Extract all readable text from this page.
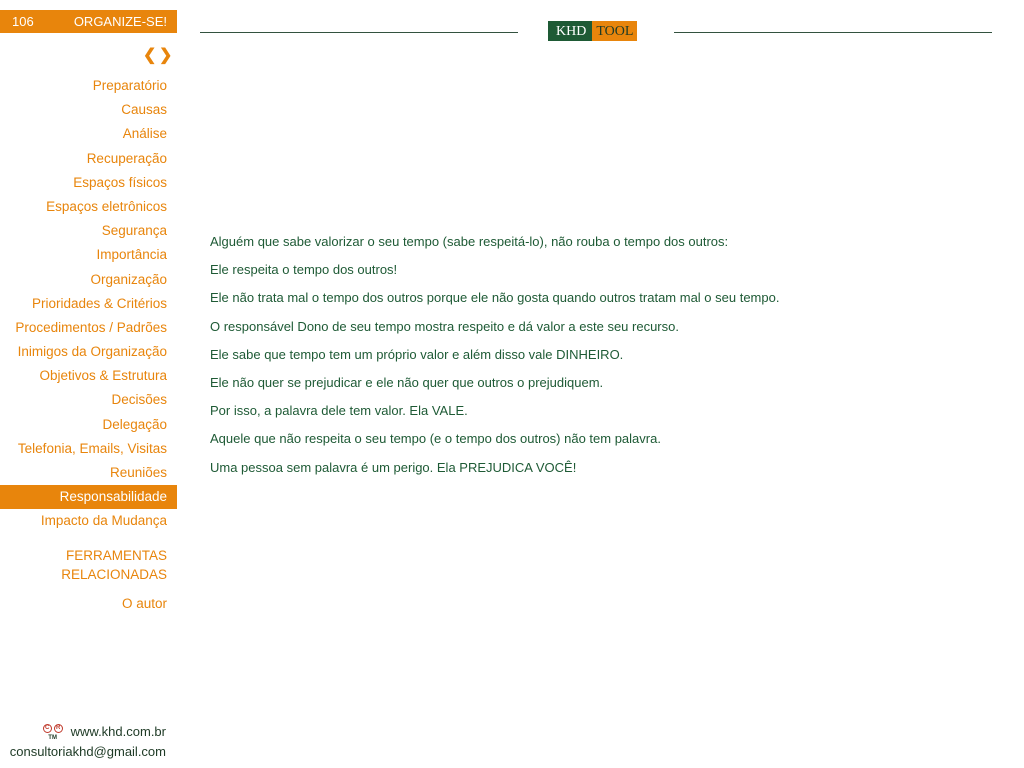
106	ORGANIZE-SE!
KHD TOOL
❮ ❯
Preparatório
Causas
Análise
Recuperação
Espaços físicos
Espaços eletrônicos
Segurança
Importância
Organização
Prioridades & Critérios
Procedimentos / Padrões
Inimigos da Organização
Objetivos & Estrutura
Decisões
Delegação
Telefonia, Emails, Visitas
Reuniões
Responsabilidade
Impacto da Mudança
FERRAMENTAS
RELACIONADAS
O autor
Alguém que sabe valorizar o seu tempo (sabe respeitá-lo), não rouba o tempo dos outros:
Ele respeita o tempo dos outros!
Ele não trata mal o tempo dos outros porque ele não gosta quando outros tratam mal o seu tempo.
O responsável Dono de seu tempo mostra respeito e dá valor a este seu recurso.
Ele sabe que tempo tem um próprio valor e além disso vale DINHEIRO.
Ele não quer se prejudicar e ele não quer que outros o prejudiquem.
Por isso, a palavra dele tem valor. Ela VALE.
Aquele que não respeita o seu tempo (e o tempo dos outros) não tem palavra.
Uma pessoa sem palavra é um perigo. Ela PREJUDICA VOCÊ!
C	R
TM www.khd.com.br
consultoriakhd@gmail.com
